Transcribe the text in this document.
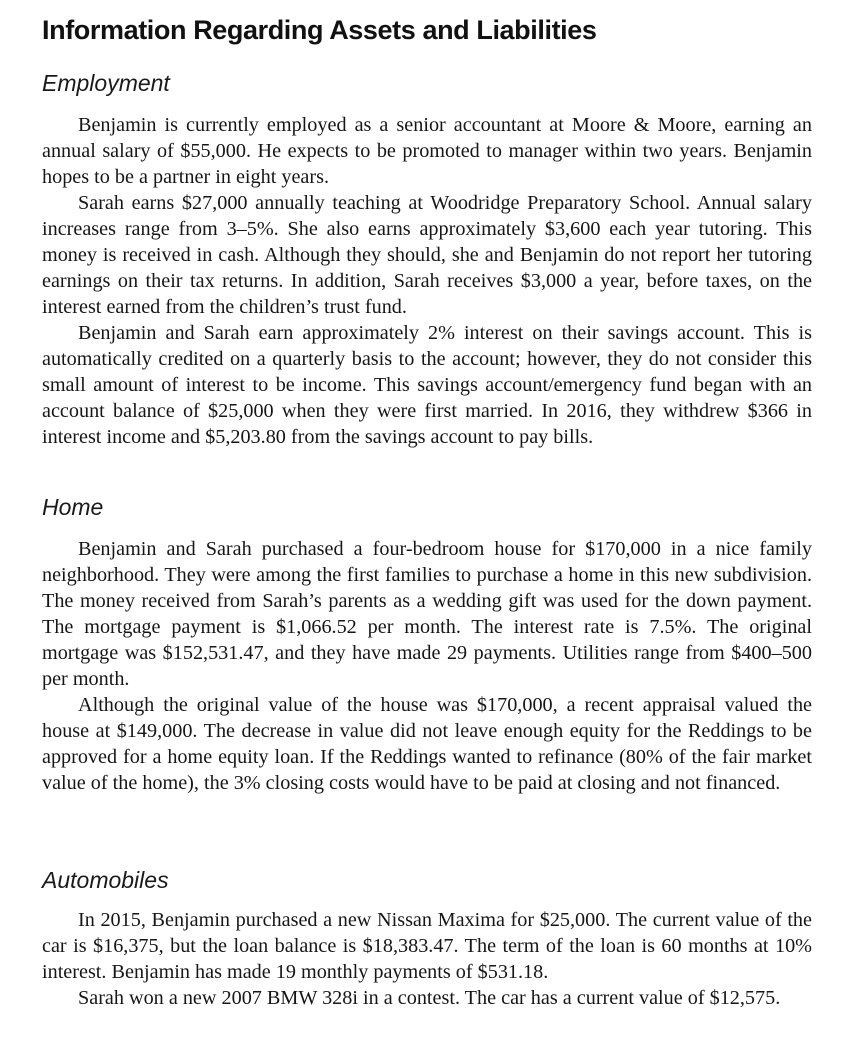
Information Regarding Assets and Liabilities
Employment

Benjamin is currently employed as a senior accountant at Moore & Moore, earning an annual salary of $55,000. He expects to be promoted to manager within two years. Benjamin hopes to be a partner in eight years.

Sarah earns $27,000 annually teaching at Woodridge Preparatory School. Annual salary increases range from 3–5%. She also earns approximately $3,600 each year tutoring. This money is received in cash. Although they should, she and Benjamin do not report her tutoring earnings on their tax returns. In addition, Sarah receives $3,000 a year, before taxes, on the interest earned from the children’s trust fund.

Benjamin and Sarah earn approximately 2% interest on their savings account. This is automatically credited on a quarterly basis to the account; however, they do not consider this small amount of interest to be income. This savings account/emergency fund began with an account balance of $25,000 when they were first married. In 2016, they withdrew $366 in interest income and $5,203.80 from the savings account to pay bills.

Home

Benjamin and Sarah purchased a four-bedroom house for $170,000 in a nice family neighborhood. They were among the first families to purchase a home in this new subdivision. The money received from Sarah’s parents as a wedding gift was used for the down payment. The mortgage payment is $1,066.52 per month. The interest rate is 7.5%. The original mortgage was $152,531.47, and they have made 29 payments. Utilities range from $400–500 per month.

Although the original value of the house was $170,000, a recent appraisal valued the house at $149,000. The decrease in value did not leave enough equity for the Reddings to be approved for a home equity loan. If the Reddings wanted to refinance (80% of the fair market value of the home), the 3% closing costs would have to be paid at closing and not financed.

Automobiles

In 2015, Benjamin purchased a new Nissan Maxima for $25,000. The current value of the car is $16,375, but the loan balance is $18,383.47. The term of the loan is 60 months at 10% interest. Benjamin has made 19 monthly payments of $531.18.

Sarah won a new 2007 BMW 328i in a contest. The car has a current value of $12,575.
